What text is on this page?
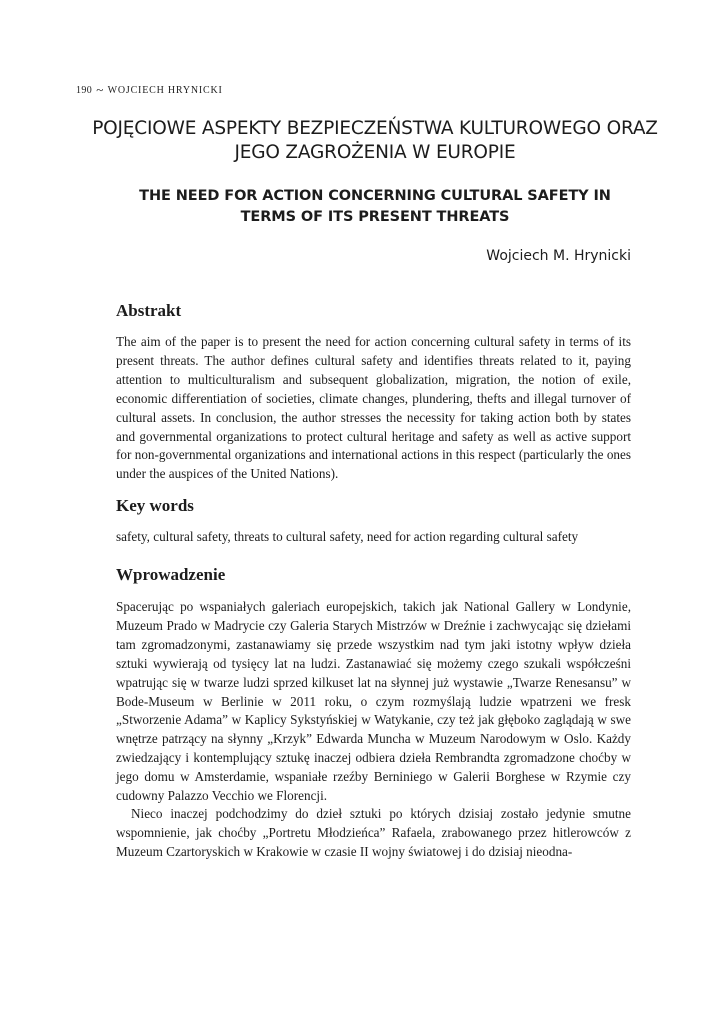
190 ~ WOJCIECH HRYNICKI
POJĘCIOWE ASPEKTY BEZPIECZEŃSTWA KULTUROWEGO ORAZ JEGO ZAGROŻENIA W EUROPIE
THE NEED FOR ACTION CONCERNING CULTURAL SAFETY IN TERMS OF ITS PRESENT THREATS

Wojciech M. Hrynicki

Abstrakt

The aim of the paper is to present the need for action concerning cultural safety in terms of its present threats. The author defines cultural safety and identifies threats related to it, paying attention to multiculturalism and subsequent globalization, migration, the notion of exile, economic differentiation of societies, climate changes, plundering, thefts and illegal turnover of cultural assets. In conclusion, the author stresses the necessity for taking action both by states and governmental organizations to protect cultural heritage and safety as well as active support for non-governmental organizations and international actions in this respect (particularly the ones under the auspices of the United Nations).

Key words

safety, cultural safety, threats to cultural safety, need for action regarding cultural safety

Wprowadzenie

Spacerując po wspaniałych galeriach europejskich, takich jak National Gallery w Londynie, Muzeum Prado w Madrycie czy Galeria Starych Mistrzów w Dreźnie i zachwycając się dziełami tam zgromadzonymi, zastanawiamy się przede wszystkim nad tym jaki istotny wpływ dzieła sztuki wywierają od tysięcy lat na ludzi. Zastanawiać się możemy czego szukali współcześni wpatrując się w twarze ludzi sprzed kilkuset lat na słynnej już wystawie „Twarze Renesansu” w Bode-Museum w Berlinie w 2011 roku, o czym rozmyślają ludzie wpatrzeni we fresk „Stworzenie Adama” w Kaplicy Sykstyńskiej w Watykanie, czy też jak głęboko zaglądają w swe wnętrze patrzący na słynny „Krzyk” Edwarda Muncha w Muzeum Narodowym w Oslo. Każdy zwiedzający i kontemplujący sztukę inaczej odbiera dzieła Rembrandta zgromadzone choćby w jego domu w Amsterdamie, wspaniałe rzeźby Berniniego w Galerii Borghese w Rzymie czy cudowny Palazzo Vecchio we Florencji.

Nieco inaczej podchodzimy do dzieł sztuki po których dzisiaj zostało jedynie smutne wspomnienie, jak choćby „Portretu Młodzieńca” Rafaela, zrabowanego przez hitlerowców z Muzeum Czartoryskich w Krakowie w czasie II wojny światowej i do dzisiaj nieodna-
